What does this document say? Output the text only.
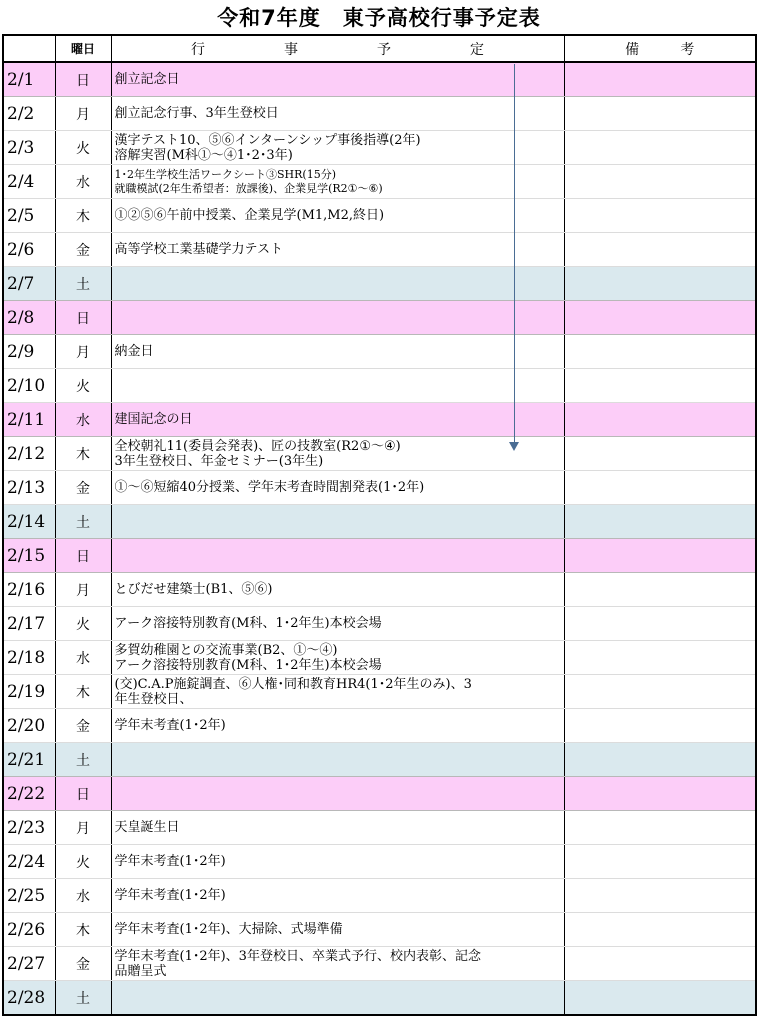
令和7年度　東予高校行事予定表
	曜日	行 事 予 定	備 考

2/1	日	創立記念日	

2/2	月	創立記念行事、3年生登校日	

2/3	火	漢字テスト10、⑤⑥インターンシップ事後指導(2年)
溶解実習(M科①～④1･2･3年)	

2/4	水	1･2年生学校生活ワークシート③SHR(15分)
就職模試(2年生希望者：放課後)、企業見学(R2①～⑥)	

2/5	木	①②⑤⑥午前中授業、企業見学(M1,M2,終日)	

2/6	金	高等学校工業基礎学力テスト	

2/7	土		
2/8	日		
2/9	月	納金日	

2/10	火		
2/11	水	建国記念の日	

2/12	木	全校朝礼11(委員会発表)、匠の技教室(R2①～④)
3年生登校日、年金セミナー(3年生)	

2/13	金	①～⑥短縮40分授業、学年末考査時間割発表(1･2年)	

2/14	土		
2/15	日		
2/16	月	とびだせ建築士(B1、⑤⑥)	

2/17	火	アーク溶接特別教育(M科、1･2年生)本校会場	

2/18	水	多賀幼稚園との交流事業(B2、①～④)
アーク溶接特別教育(M科、1･2年生)本校会場	

2/19	木	(交)C.A.P施錠調査、⑥人権･同和教育HR4(1･2年生のみ)、3
年生登校日、	

2/20	金	学年末考査(1･2年)	

2/21	土		
2/22	日		
2/23	月	天皇誕生日	

2/24	火	学年末考査(1･2年)	

2/25	水	学年末考査(1･2年)	

2/26	木	学年末考査(1･2年)、大掃除、式場準備	

2/27	金	学年末考査(1･2年)、3年登校日、卒業式予行、校内表彰、記念
品贈呈式	

2/28	土		
